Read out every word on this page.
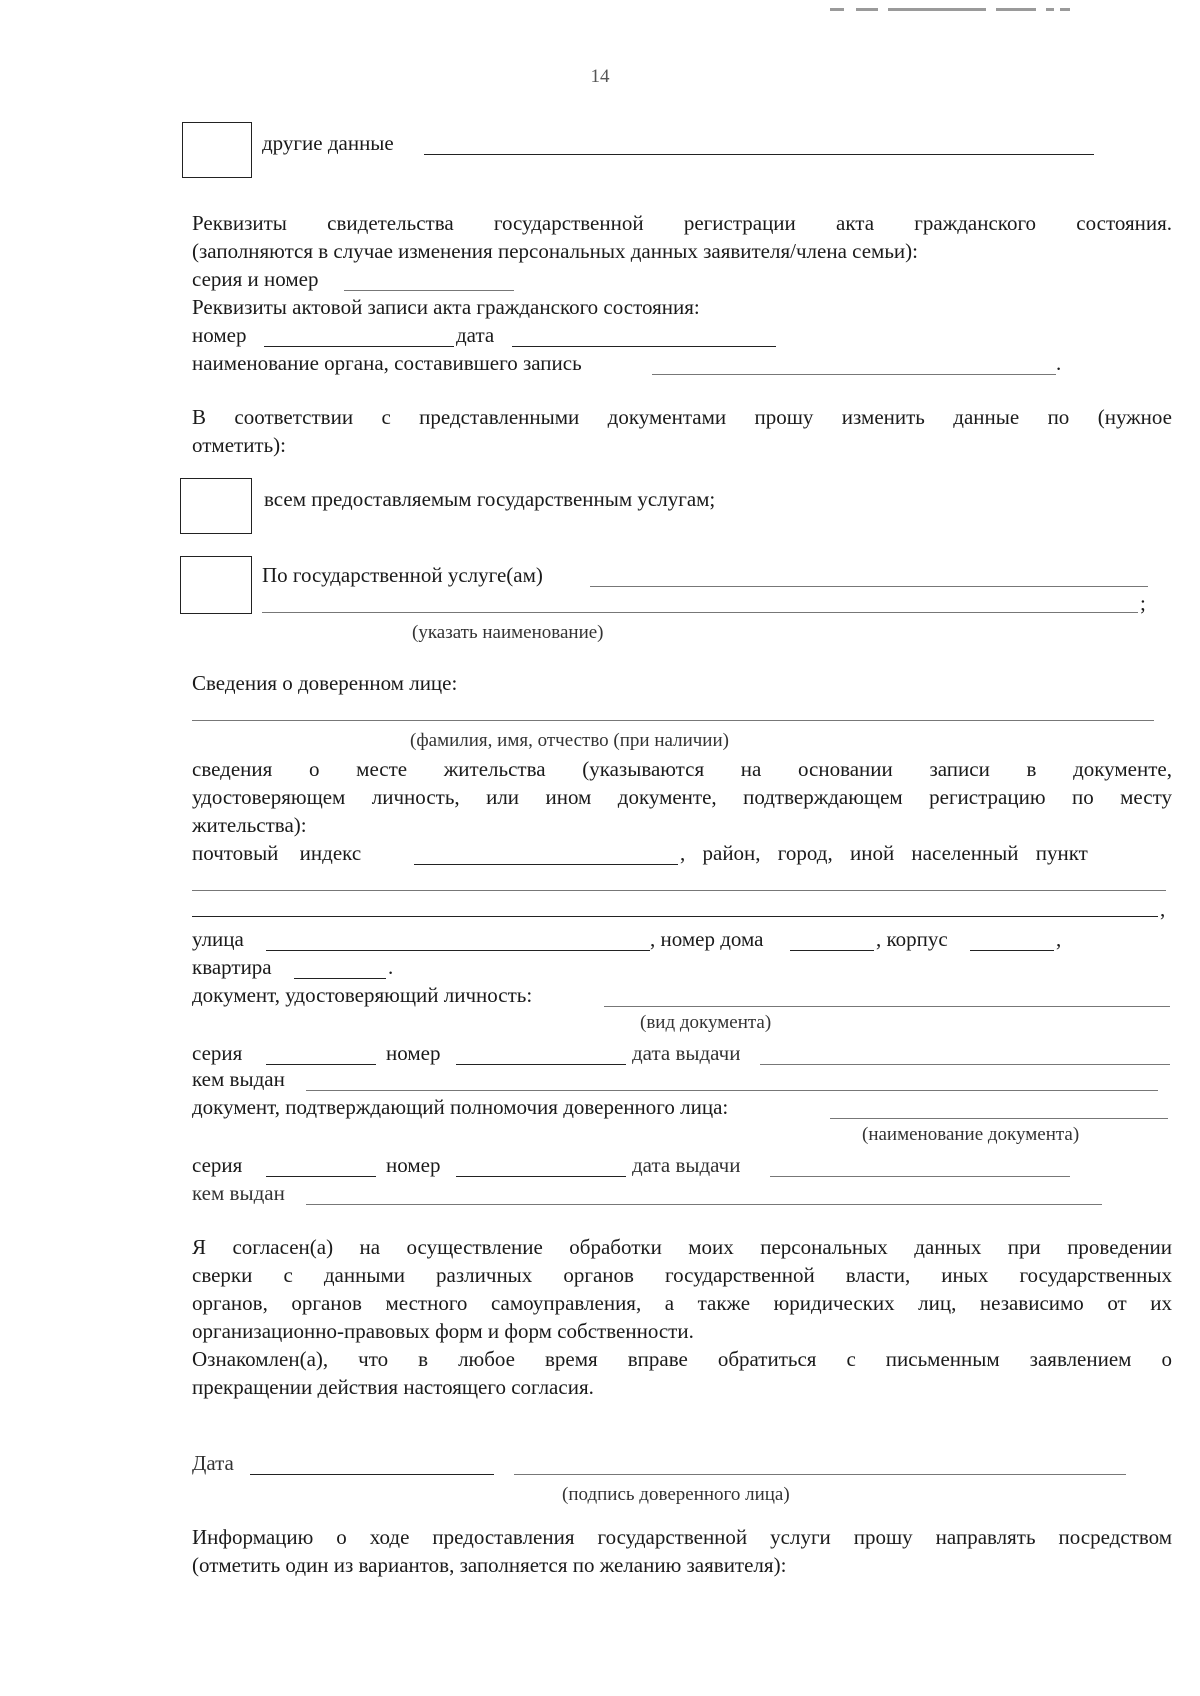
14
другие данные
Реквизиты свидетельства государственной регистрации акта гражданского состояния.
(заполняются в случае изменения персональных данных заявителя/члена семьи):
серия и номер
Реквизиты актовой записи акта гражданского состояния:
номер	дата
наименование органа, составившего запись	.
В соответствии с представленными документами прошу изменить данные по (нужное
отметить):
всем предоставляемым государственным услугам;
По государственной услуге(ам)
;
(указать наименование)
Сведения о доверенном лице:
(фамилия, имя, отчество (при наличии)
сведения о месте жительства (указываются на основании записи в документе,
удостоверяющем личность, или ином документе, подтверждающем регистрацию по месту
жительства):
почтовый индекс	, район, город, иной населенный пункт
,
улица	, номер дома	, корпус	,
квартира	.
документ, удостоверяющий личность:
(вид документа)
серия	номер	дата выдачи
кем выдан
документ, подтверждающий полномочия доверенного лица:
(наименование документа)
серия	номер	дата выдачи
кем выдан
Я согласен(а) на осуществление обработки моих персональных данных при проведении
сверки с данными различных органов государственной власти, иных государственных
органов, органов местного самоуправления, а также юридических лиц, независимо от их
организационно-правовых форм и форм собственности.
Ознакомлен(а), что в любое время вправе обратиться с письменным заявлением о
прекращении действия настоящего согласия.
Дата
(подпись доверенного лица)
Информацию о ходе предоставления государственной услуги прошу направлять посредством
(отметить один из вариантов, заполняется по желанию заявителя):
